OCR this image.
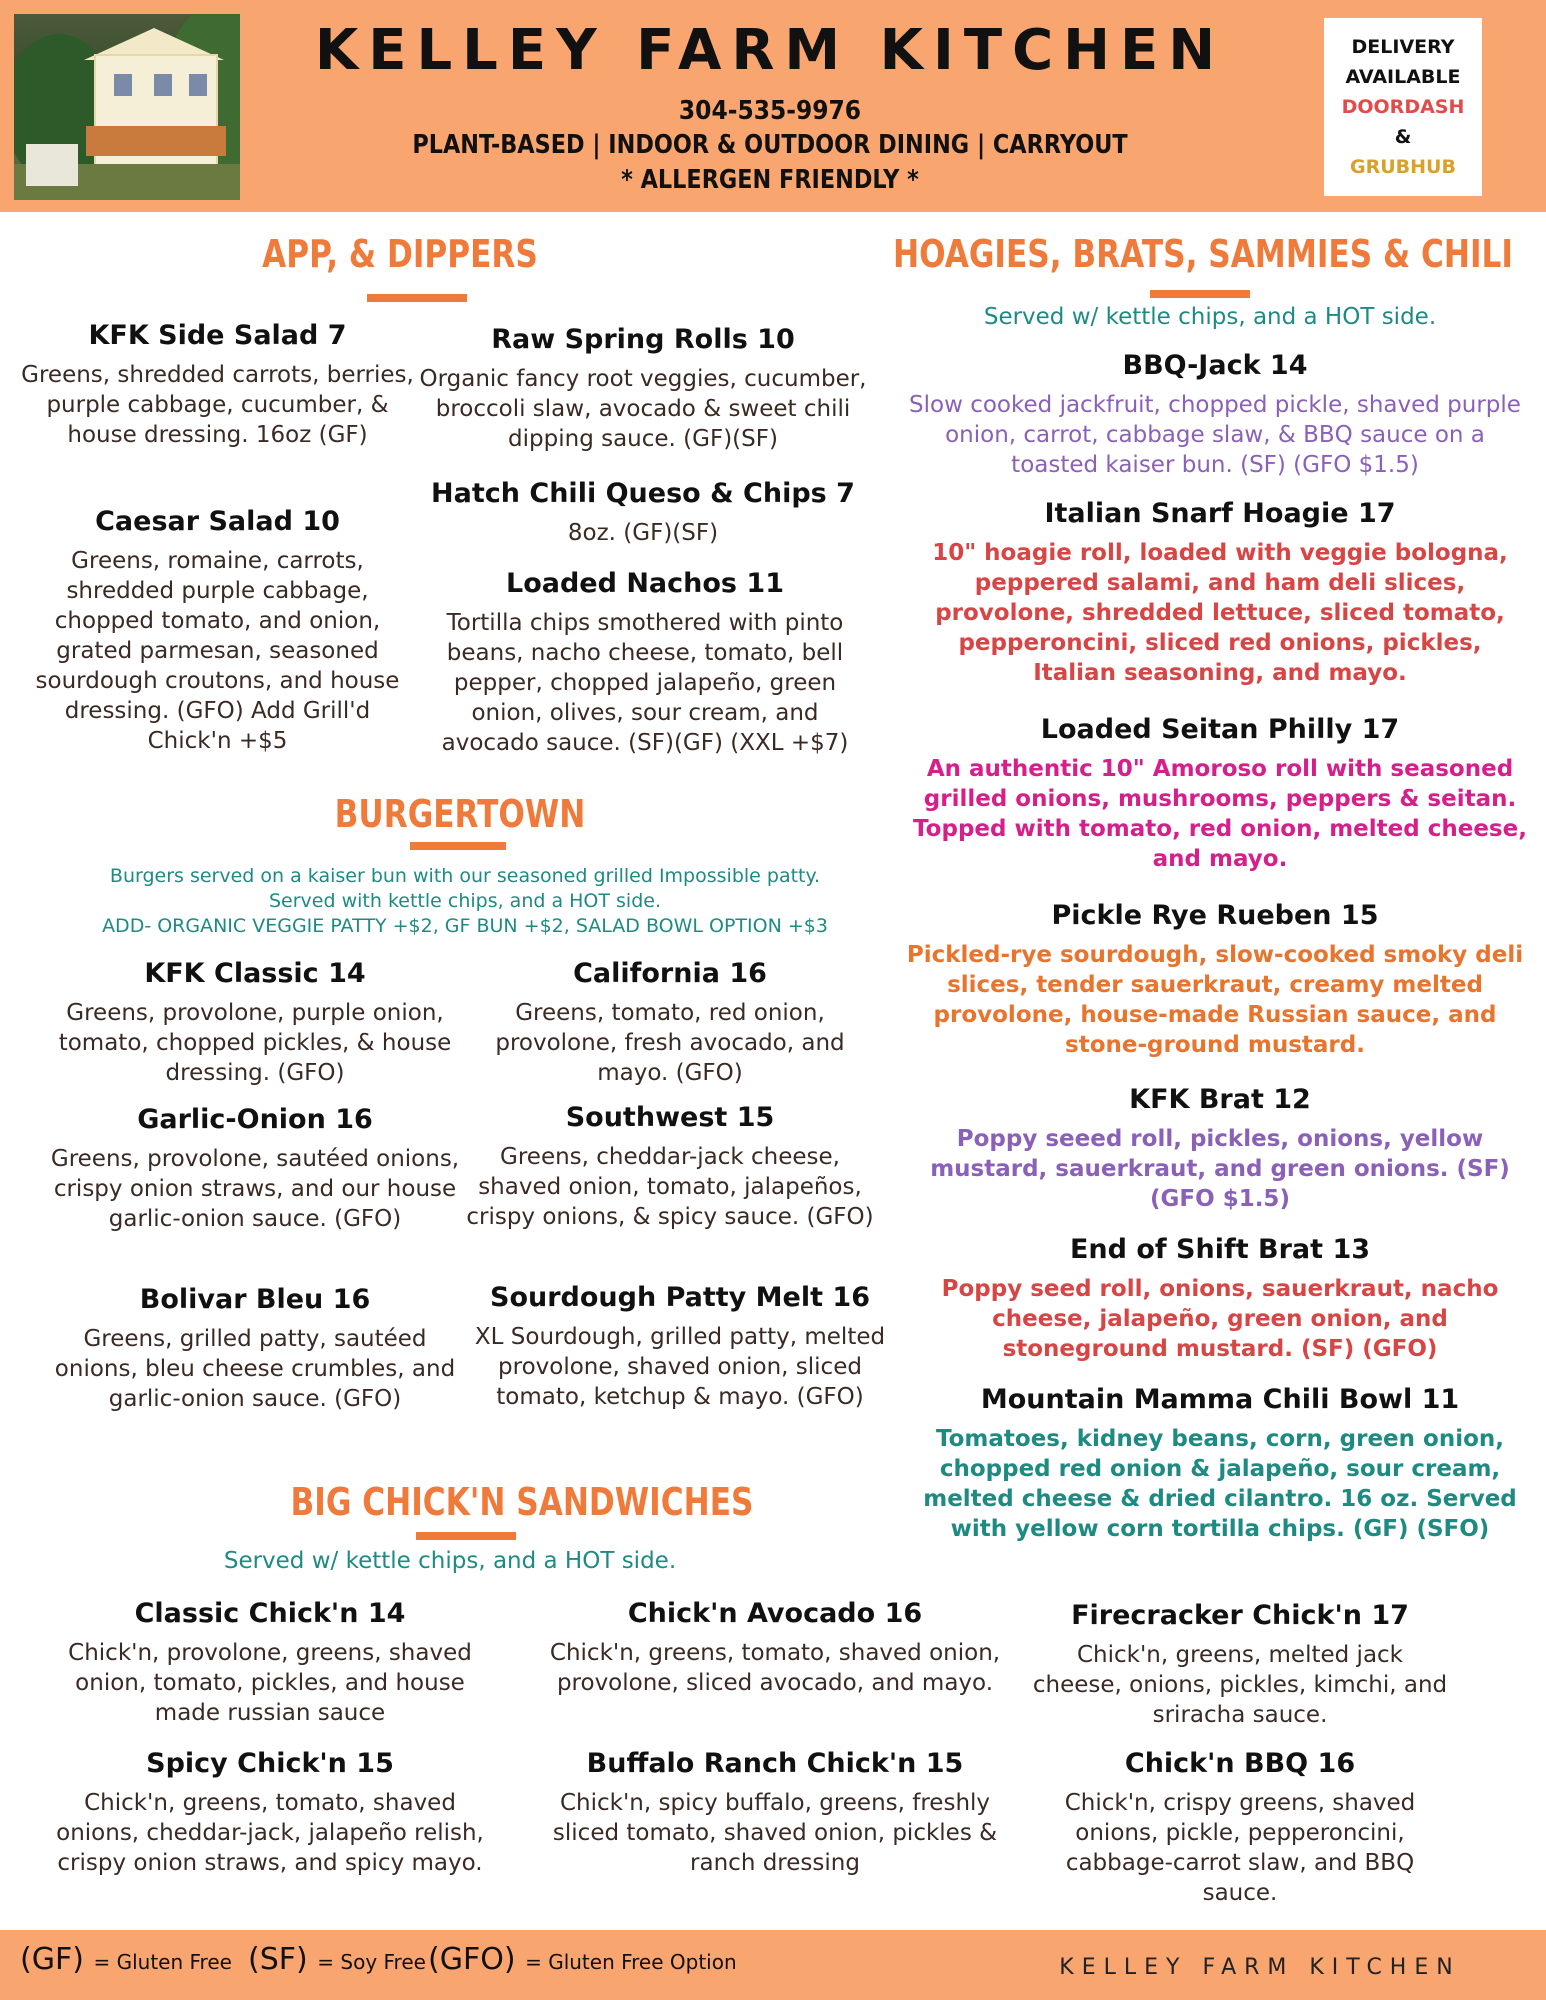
KELLEY FARM KITCHEN
304-535-9976
PLANT-BASED | INDOOR & OUTDOOR DINING | CARRYOUT
* ALLERGEN FRIENDLY *
DELIVERY
AVAILABLE
DOORDASH
&
GRUBHUB
APP, & DIPPERS
KFK Side Salad 7
Greens, shredded carrots, berries, purple cabbage, cucumber, & house dressing. 16oz (GF)
Caesar Salad 10
Greens, romaine, carrots, shredded purple cabbage, chopped tomato, and onion, grated parmesan, seasoned sourdough croutons, and house dressing. (GFO) Add Grill'd Chick'n +$5
Raw Spring Rolls 10
Organic fancy root veggies, cucumber, broccoli slaw, avocado & sweet chili dipping sauce. (GF)(SF)
Hatch Chili Queso & Chips 7
8oz. (GF)(SF)
Loaded Nachos 11
Tortilla chips smothered with pinto beans, nacho cheese, tomato, bell pepper, chopped jalapeño, green onion, olives, sour cream, and avocado sauce. (SF)(GF) (XXL +$7)
BURGERTOWN
Burgers served on a kaiser bun with our seasoned grilled Impossible patty.
Served with kettle chips, and a HOT side.
ADD- ORGANIC VEGGIE PATTY +$2, GF BUN +$2, SALAD BOWL OPTION +$3
KFK Classic 14
Greens, provolone, purple onion, tomato, chopped pickles, & house dressing. (GFO)
California 16
Greens, tomato, red onion, provolone, fresh avocado, and mayo. (GFO)
Garlic-Onion 16
Greens, provolone, sautéed onions, crispy onion straws, and our house garlic-onion sauce. (GFO)
Southwest 15
Greens, cheddar-jack cheese, shaved onion, tomato, jalapeños, crispy onions, & spicy sauce. (GFO)
Bolivar Bleu 16
Greens, grilled patty, sautéed onions, bleu cheese crumbles, and garlic-onion sauce. (GFO)
Sourdough Patty Melt 16
XL Sourdough, grilled patty, melted provolone, shaved onion, sliced tomato, ketchup & mayo. (GFO)
HOAGIES, BRATS, SAMMIES & CHILI
Served w/ kettle chips, and a HOT side.
BBQ-Jack 14
Slow cooked jackfruit, chopped pickle, shaved purple onion, carrot, cabbage slaw, & BBQ sauce on a toasted kaiser bun. (SF) (GFO $1.5)
Italian Snarf Hoagie 17
10" hoagie roll, loaded with veggie bologna, peppered salami, and ham deli slices, provolone, shredded lettuce, sliced tomato, pepperoncini, sliced red onions, pickles, Italian seasoning, and mayo.
Loaded Seitan Philly 17
An authentic 10" Amoroso roll with seasoned grilled onions, mushrooms, peppers & seitan. Topped with tomato, red onion, melted cheese, and mayo.
Pickle Rye Rueben 15
Pickled-rye sourdough, slow-cooked smoky deli slices, tender sauerkraut, creamy melted provolone, house-made Russian sauce, and stone-ground mustard.
KFK Brat 12
Poppy seeed roll, pickles, onions, yellow mustard, sauerkraut, and green onions. (SF) (GFO $1.5)
End of Shift Brat 13
Poppy seed roll, onions, sauerkraut, nacho cheese, jalapeño, green onion, and stoneground mustard. (SF) (GFO)
Mountain Mamma Chili Bowl 11
Tomatoes, kidney beans, corn, green onion, chopped red onion & jalapeño, sour cream, melted cheese & dried cilantro. 16 oz. Served with yellow corn tortilla chips. (GF) (SFO)
BIG CHICK'N SANDWICHES
Served w/ kettle chips, and a HOT side.
Classic Chick'n 14
Chick'n, provolone, greens, shaved onion, tomato, pickles, and house made russian sauce
Chick'n Avocado 16
Chick'n, greens, tomato, shaved onion, provolone, sliced avocado, and mayo.
Firecracker Chick'n 17
Chick'n, greens, melted jack cheese, onions, pickles, kimchi, and sriracha sauce.
Spicy Chick'n 15
Chick'n, greens, tomato, shaved onions, cheddar-jack, jalapeño relish, crispy onion straws, and spicy mayo.
Buffalo Ranch Chick'n 15
Chick'n, spicy buffalo, greens, freshly sliced tomato, shaved onion, pickles & ranch dressing
Chick'n BBQ 16
Chick'n, crispy greens, shaved onions, pickle, pepperoncini, cabbage-carrot slaw, and BBQ sauce.
(GF) = Gluten Free (SF) = Soy Free (GFO) = Gluten Free Option	KELLEY FARM KITCHEN
